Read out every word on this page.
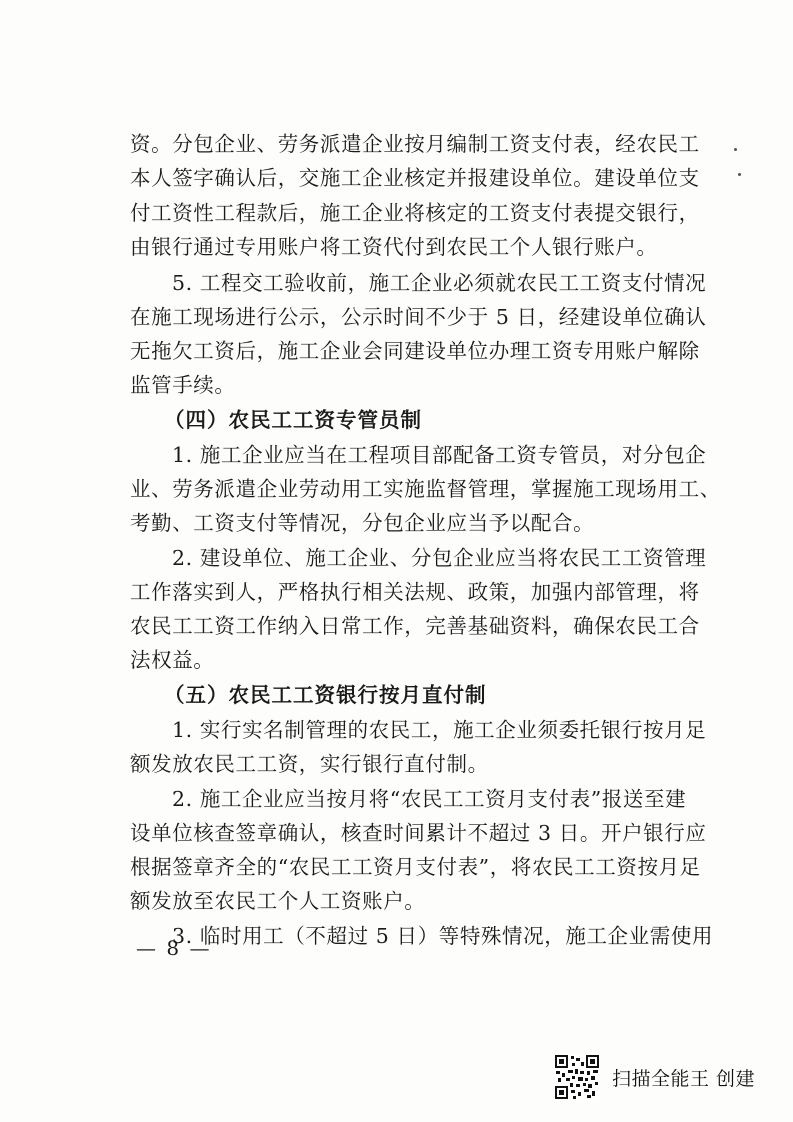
资。分包企业、劳务派遣企业按月编制工资支付表，经农民工
本人签字确认后，交施工企业核定并报建设单位。建设单位支
付工资性工程款后，施工企业将核定的工资支付表提交银行，
由银行通过专用账户将工资代付到农民工个人银行账户。
5. 工程交工验收前，施工企业必须就农民工工资支付情况
在施工现场进行公示，公示时间不少于 5 日，经建设单位确认
无拖欠工资后，施工企业会同建设单位办理工资专用账户解除
监管手续。
（四）农民工工资专管员制
1. 施工企业应当在工程项目部配备工资专管员，对分包企
业、劳务派遣企业劳动用工实施监督管理，掌握施工现场用工、
考勤、工资支付等情况，分包企业应当予以配合。
2. 建设单位、施工企业、分包企业应当将农民工工资管理
工作落实到人，严格执行相关法规、政策，加强内部管理，将
农民工工资工作纳入日常工作，完善基础资料，确保农民工合
法权益。
（五）农民工工资银行按月直付制
1. 实行实名制管理的农民工，施工企业须委托银行按月足
额发放农民工工资，实行银行直付制。
2. 施工企业应当按月将“农民工工资月支付表”报送至建
设单位核查签章确认，核查时间累计不超过 3 日。开户银行应
根据签章齐全的“农民工工资月支付表”，将农民工工资按月足
额发放至农民工个人工资账户。
3. 临时用工（不超过 5 日）等特殊情况，施工企业需使用
— 8 —
扫描全能王 创建
